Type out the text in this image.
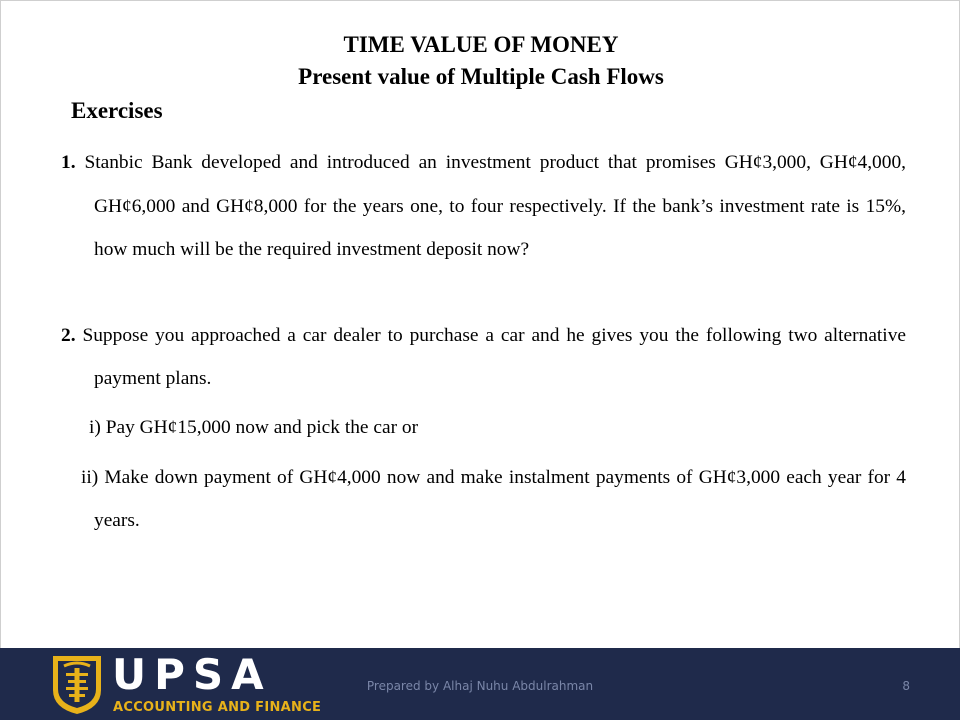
TIME VALUE OF MONEY
Present value of Multiple Cash Flows
Exercises
1. Stanbic Bank developed and introduced an investment product that promises GH¢3,000, GH¢4,000, GH¢6,000 and GH¢8,000 for the years one, to four respectively. If the bank’s investment rate is 15%, how much will be the required investment deposit now?
2. Suppose you approached a car dealer to purchase a car and he gives you the following two alternative payment plans.
i) Pay GH¢15,000 now and pick the car or
ii) Make down payment of GH¢4,000 now and make instalment payments of GH¢3,000 each year for 4 years.
UPSA
ACCOUNTING AND FINANCE
Prepared by Alhaj Nuhu Abdulrahman	8
